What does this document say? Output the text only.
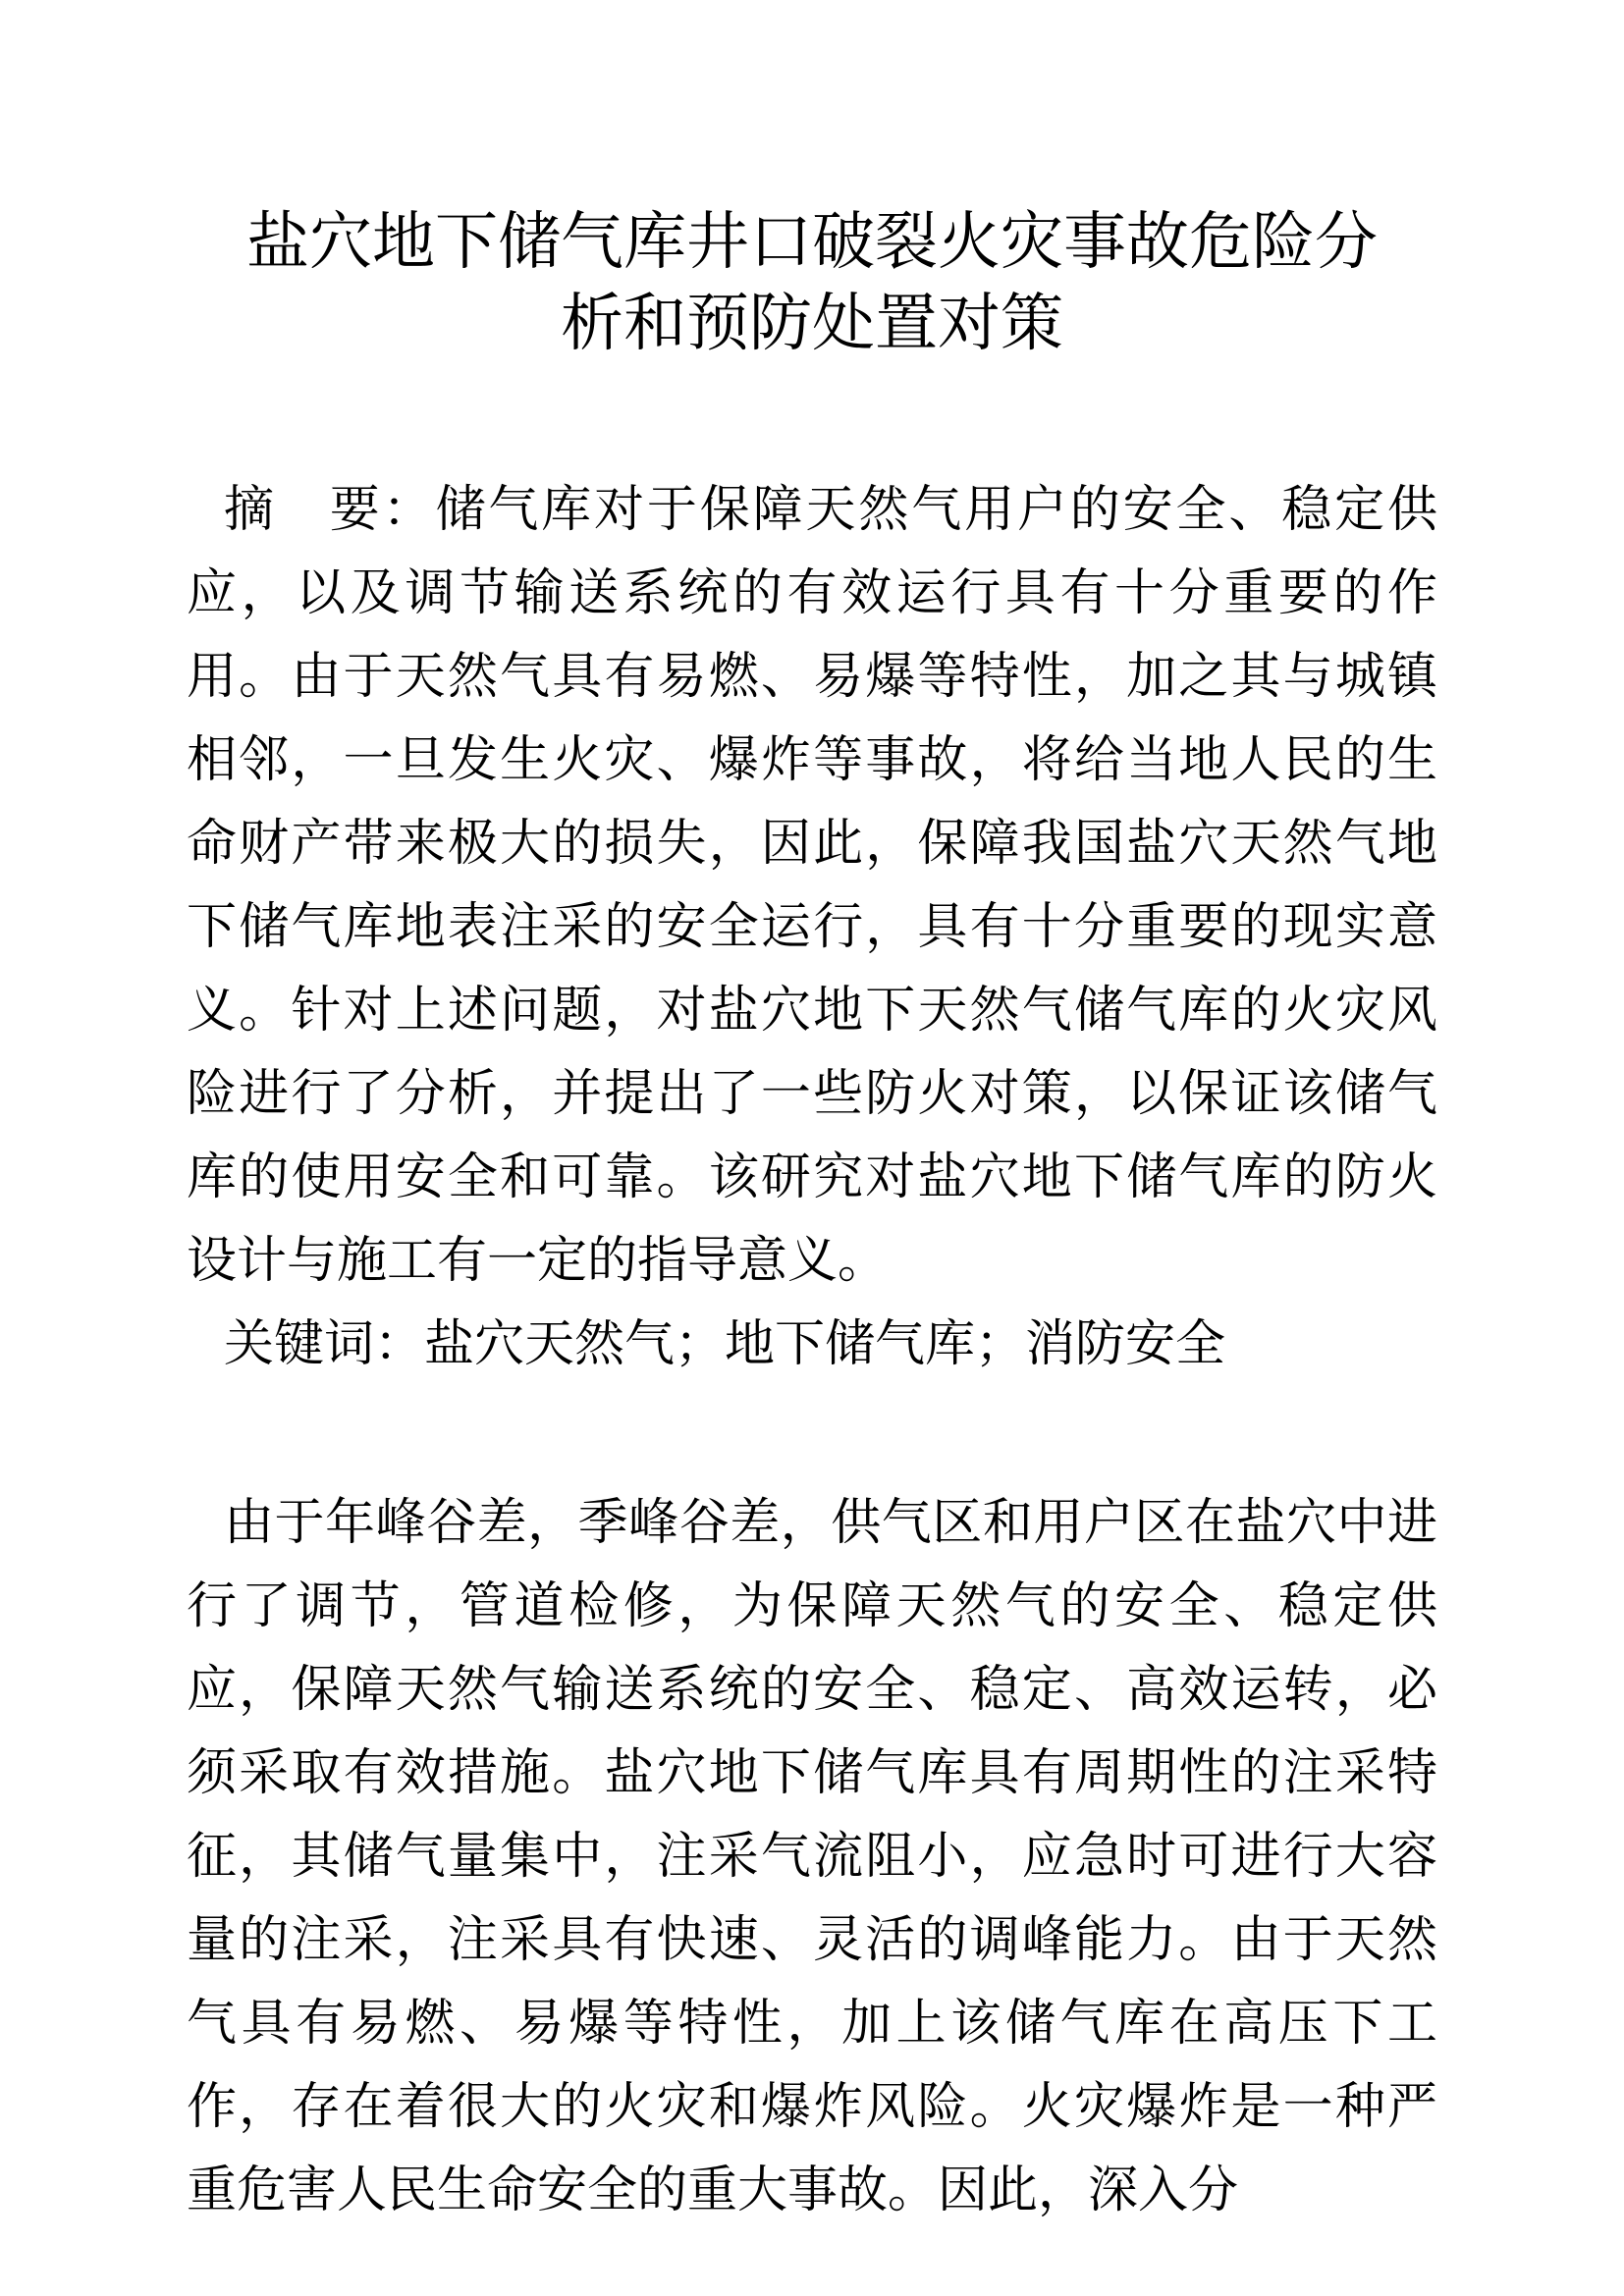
盐穴地下储气库井口破裂火灾事故危险分析和预防处置对策

摘　要：储气库对于保障天然气用户的安全、稳定供应，以及调节输送系统的有效运行具有十分重要的作用。由于天然气具有易燃、易爆等特性，加之其与城镇相邻，一旦发生火灾、爆炸等事故，将给当地人民的生命财产带来极大的损失，因此，保障我国盐穴天然气地下储气库地表注采的安全运行，具有十分重要的现实意义。针对上述问题，对盐穴地下天然气储气库的火灾风险进行了分析，并提出了一些防火对策，以保证该储气库的使用安全和可靠。该研究对盐穴地下储气库的防火设计与施工有一定的指导意义。

关键词：盐穴天然气；地下储气库；消防安全

由于年峰谷差，季峰谷差，供气区和用户区在盐穴中进行了调节，管道检修，为保障天然气的安全、稳定供应，保障天然气输送系统的安全、稳定、高效运转，必须采取有效措施。盐穴地下储气库具有周期性的注采特征，其储气量集中，注采气流阻小，应急时可进行大容量的注采，注采具有快速、灵活的调峰能力。由于天然气具有易燃、易爆等特性，加上该储气库在高压下工作，存在着很大的火灾和爆炸风险。火灾爆炸是一种严重危害人民生命安全的重大事故。因此，深入分
